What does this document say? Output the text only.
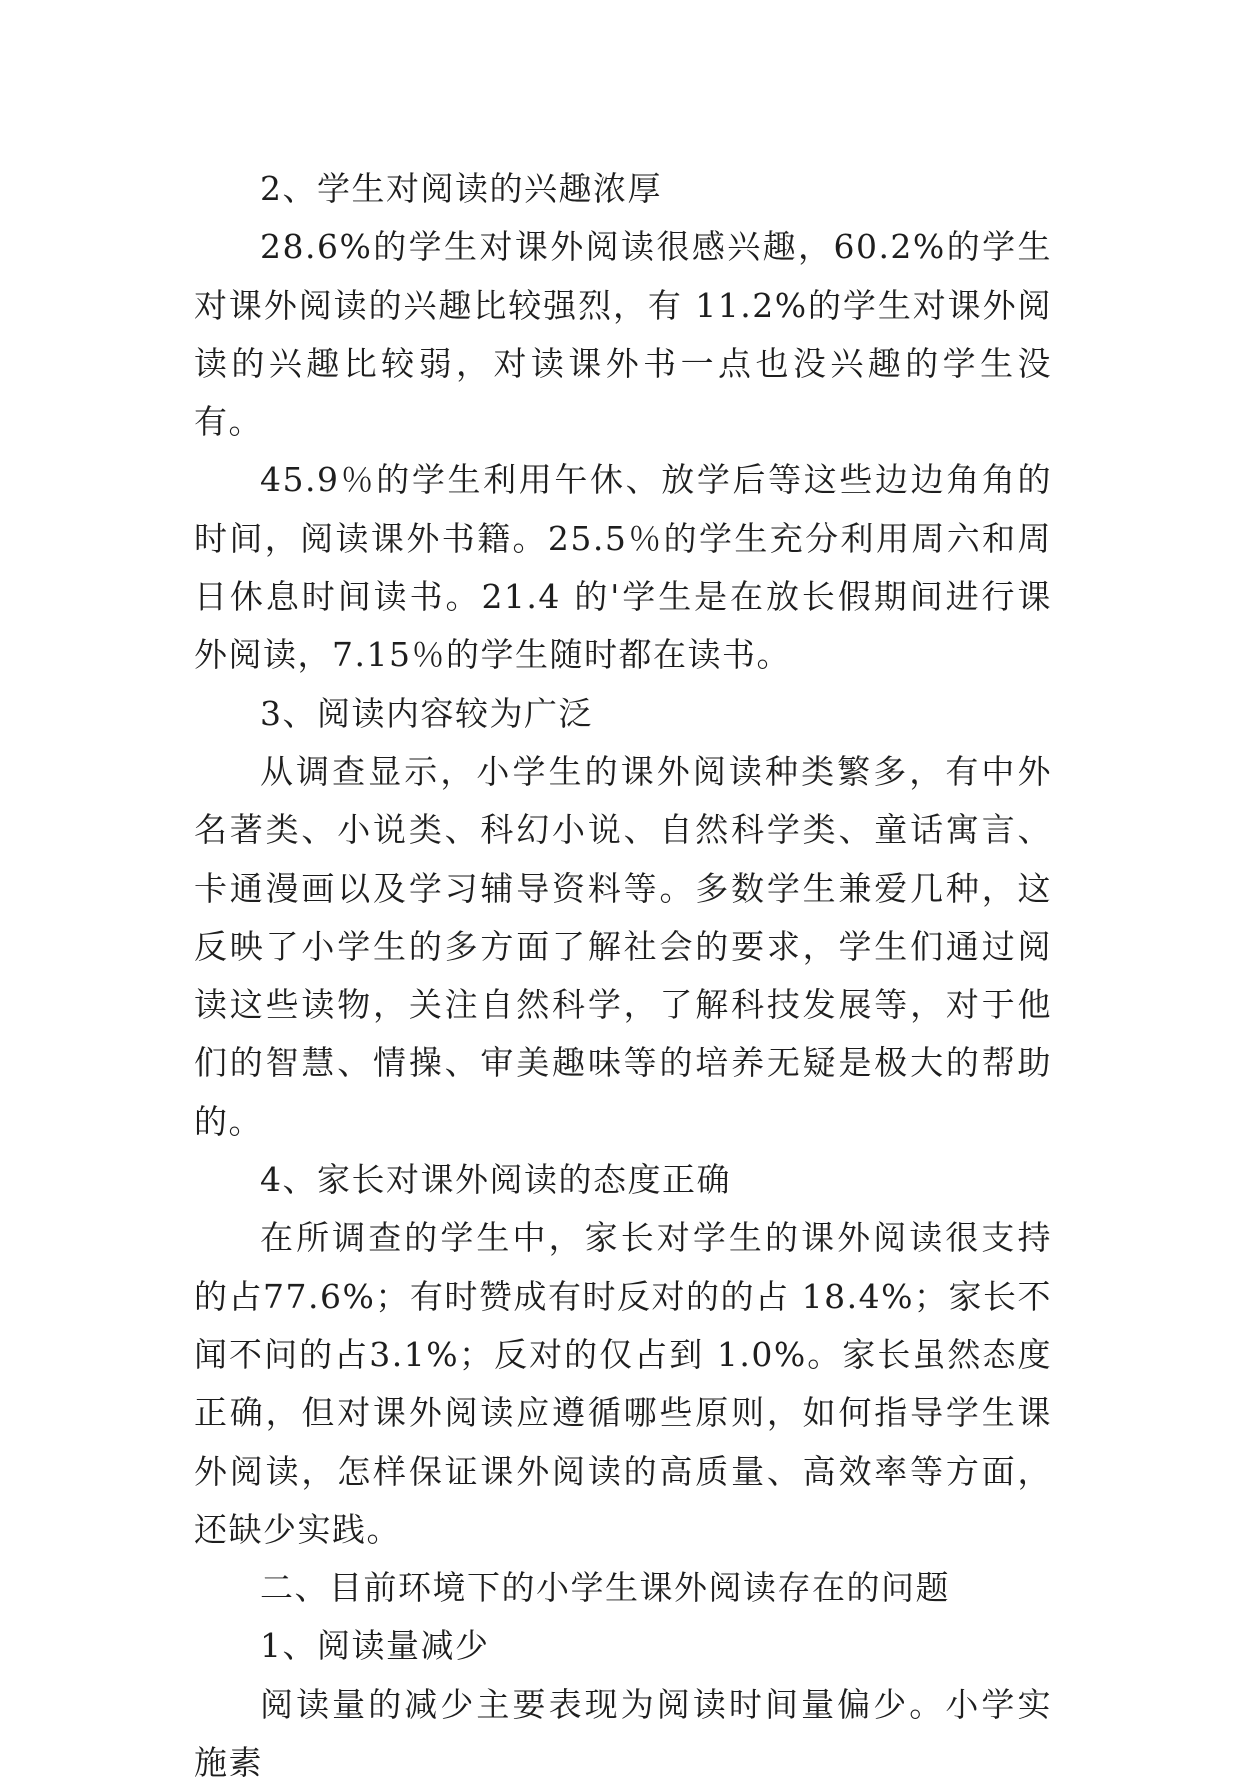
2、学生对阅读的兴趣浓厚

28.6%的学生对课外阅读很感兴趣，60.2%的学生对课外阅读的兴趣比较强烈，有 11.2%的学生对课外阅读的兴趣比较弱，对读课外书一点也没兴趣的学生没有。

45.9％的学生利用午休、放学后等这些边边角角的时间，阅读课外书籍。25.5％的学生充分利用周六和周日休息时间读书。21.4 的'学生是在放长假期间进行课外阅读，7.15％的学生随时都在读书。

3、阅读内容较为广泛

从调查显示，小学生的课外阅读种类繁多，有中外名著类、小说类、科幻小说、自然科学类、童话寓言、卡通漫画以及学习辅导资料等。多数学生兼爱几种，这反映了小学生的多方面了解社会的要求，学生们通过阅读这些读物，关注自然科学，了解科技发展等，对于他们的智慧、情操、审美趣味等的培养无疑是极大的帮助的。

4、家长对课外阅读的态度正确

在所调查的学生中，家长对学生的课外阅读很支持的占77.6%；有时赞成有时反对的的占 18.4%；家长不闻不问的占3.1%；反对的仅占到 1.0%。家长虽然态度正确，但对课外阅读应遵循哪些原则，如何指导学生课外阅读，怎样保证课外阅读的高质量、高效率等方面，还缺少实践。

二、目前环境下的小学生课外阅读存在的问题

1、阅读量减少

阅读量的减少主要表现为阅读时间量偏少。小学实施素
